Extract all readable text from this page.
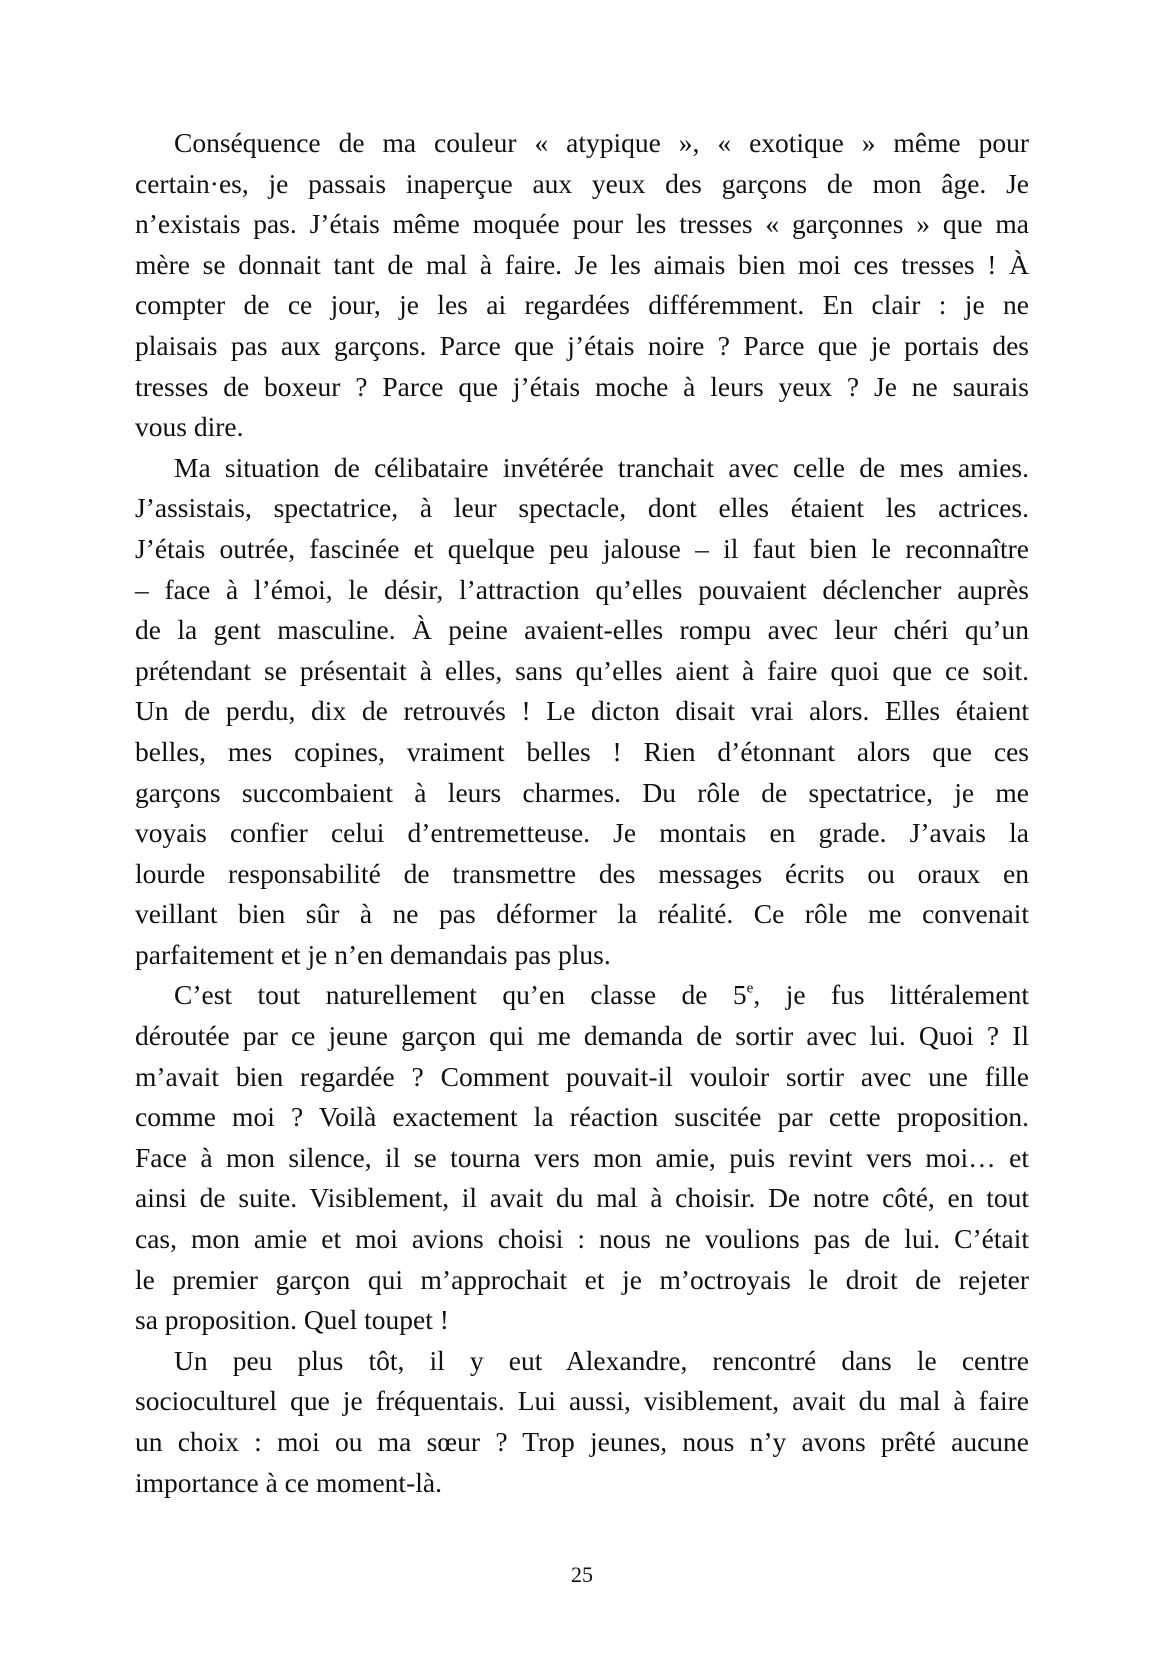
Conséquence de ma couleur « atypique », « exotique » même pour
certain·es, je passais inaperçue aux yeux des garçons de mon âge. Je
n’existais pas. J’étais même moquée pour les tresses « garçonnes » que ma
mère se donnait tant de mal à faire. Je les aimais bien moi ces tresses ! À
compter de ce jour, je les ai regardées différemment. En clair : je ne
plaisais pas aux garçons. Parce que j’étais noire ? Parce que je portais des
tresses de boxeur ? Parce que j’étais moche à leurs yeux ? Je ne saurais
vous dire.

Ma situation de célibataire invétérée tranchait avec celle de mes amies.
J’assistais, spectatrice, à leur spectacle, dont elles étaient les actrices.
J’étais outrée, fascinée et quelque peu jalouse – il faut bien le reconnaître
– face à l’émoi, le désir, l’attraction qu’elles pouvaient déclencher auprès
de la gent masculine. À peine avaient-elles rompu avec leur chéri qu’un
prétendant se présentait à elles, sans qu’elles aient à faire quoi que ce soit.
Un de perdu, dix de retrouvés ! Le dicton disait vrai alors. Elles étaient
belles, mes copines, vraiment belles ! Rien d’étonnant alors que ces
garçons succombaient à leurs charmes. Du rôle de spectatrice, je me
voyais confier celui d’entremetteuse. Je montais en grade. J’avais la
lourde responsabilité de transmettre des messages écrits ou oraux en
veillant bien sûr à ne pas déformer la réalité. Ce rôle me convenait
parfaitement et je n’en demandais pas plus.

C’est tout naturellement qu’en classe de 5e, je fus littéralement
déroutée par ce jeune garçon qui me demanda de sortir avec lui. Quoi ? Il
m’avait bien regardée ? Comment pouvait-il vouloir sortir avec une fille
comme moi ? Voilà exactement la réaction suscitée par cette proposition.
Face à mon silence, il se tourna vers mon amie, puis revint vers moi… et
ainsi de suite. Visiblement, il avait du mal à choisir. De notre côté, en tout
cas, mon amie et moi avions choisi : nous ne voulions pas de lui. C’était
le premier garçon qui m’approchait et je m’octroyais le droit de rejeter
sa proposition. Quel toupet !

Un peu plus tôt, il y eut Alexandre, rencontré dans le centre
socioculturel que je fréquentais. Lui aussi, visiblement, avait du mal à faire
un choix : moi ou ma sœur ? Trop jeunes, nous n’y avons prêté aucune
importance à ce moment-là.

25
